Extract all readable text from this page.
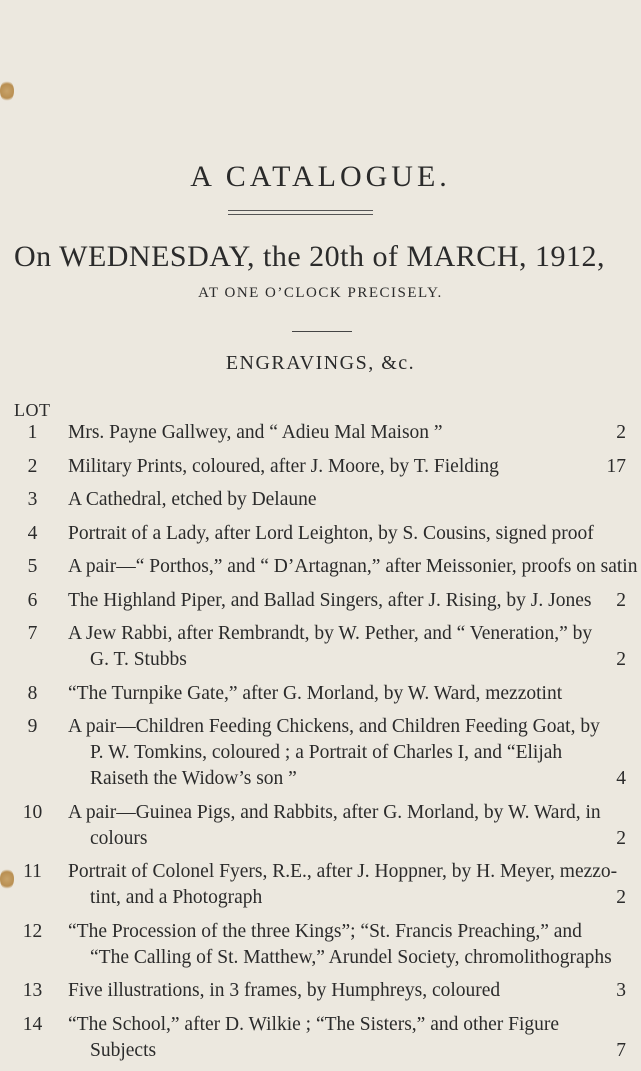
A CATALOGUE.
On WEDNESDAY, the 20th of MARCH, 1912,
AT ONE O’CLOCK PRECISELY.
ENGRAVINGS, &c.
LOT
1	Mrs. Payne Gallwey, and “ Adieu Mal Maison ”	2
2	Military Prints, coloured, after J. Moore, by T. Fielding	17
3	A Cathedral, etched by Delaune
4	Portrait of a Lady, after Lord Leighton, by S. Cousins, signed proof
5	A pair—“ Porthos,” and “ D’Artagnan,” after Meissonier, proofs on satin
6	The Highland Piper, and Ballad Singers, after J. Rising, by J. Jones	2
7	A Jew Rabbi, after Rembrandt, by W. Pether, and “ Veneration,” by
G. T. Stubbs	2
8	“The Turnpike Gate,” after G. Morland, by W. Ward, mezzotint
9	A pair—Children Feeding Chickens, and Children Feeding Goat, by
P. W. Tomkins, coloured ; a Portrait of Charles I, and “Elijah
Raiseth the Widow’s son ”	4
10	A pair—Guinea Pigs, and Rabbits, after G. Morland, by W. Ward, in
colours	2
11	Portrait of Colonel Fyers, R.E., after J. Hoppner, by H. Meyer, mezzo-
tint, and a Photograph	2
12	“The Procession of the three Kings”; “St. Francis Preaching,” and
“The Calling of St. Matthew,” Arundel Society, chromolithographs
13	Five illustrations, in 3 frames, by Humphreys, coloured	3
14	“The School,” after D. Wilkie ; “The Sisters,” and other Figure
Subjects	7
